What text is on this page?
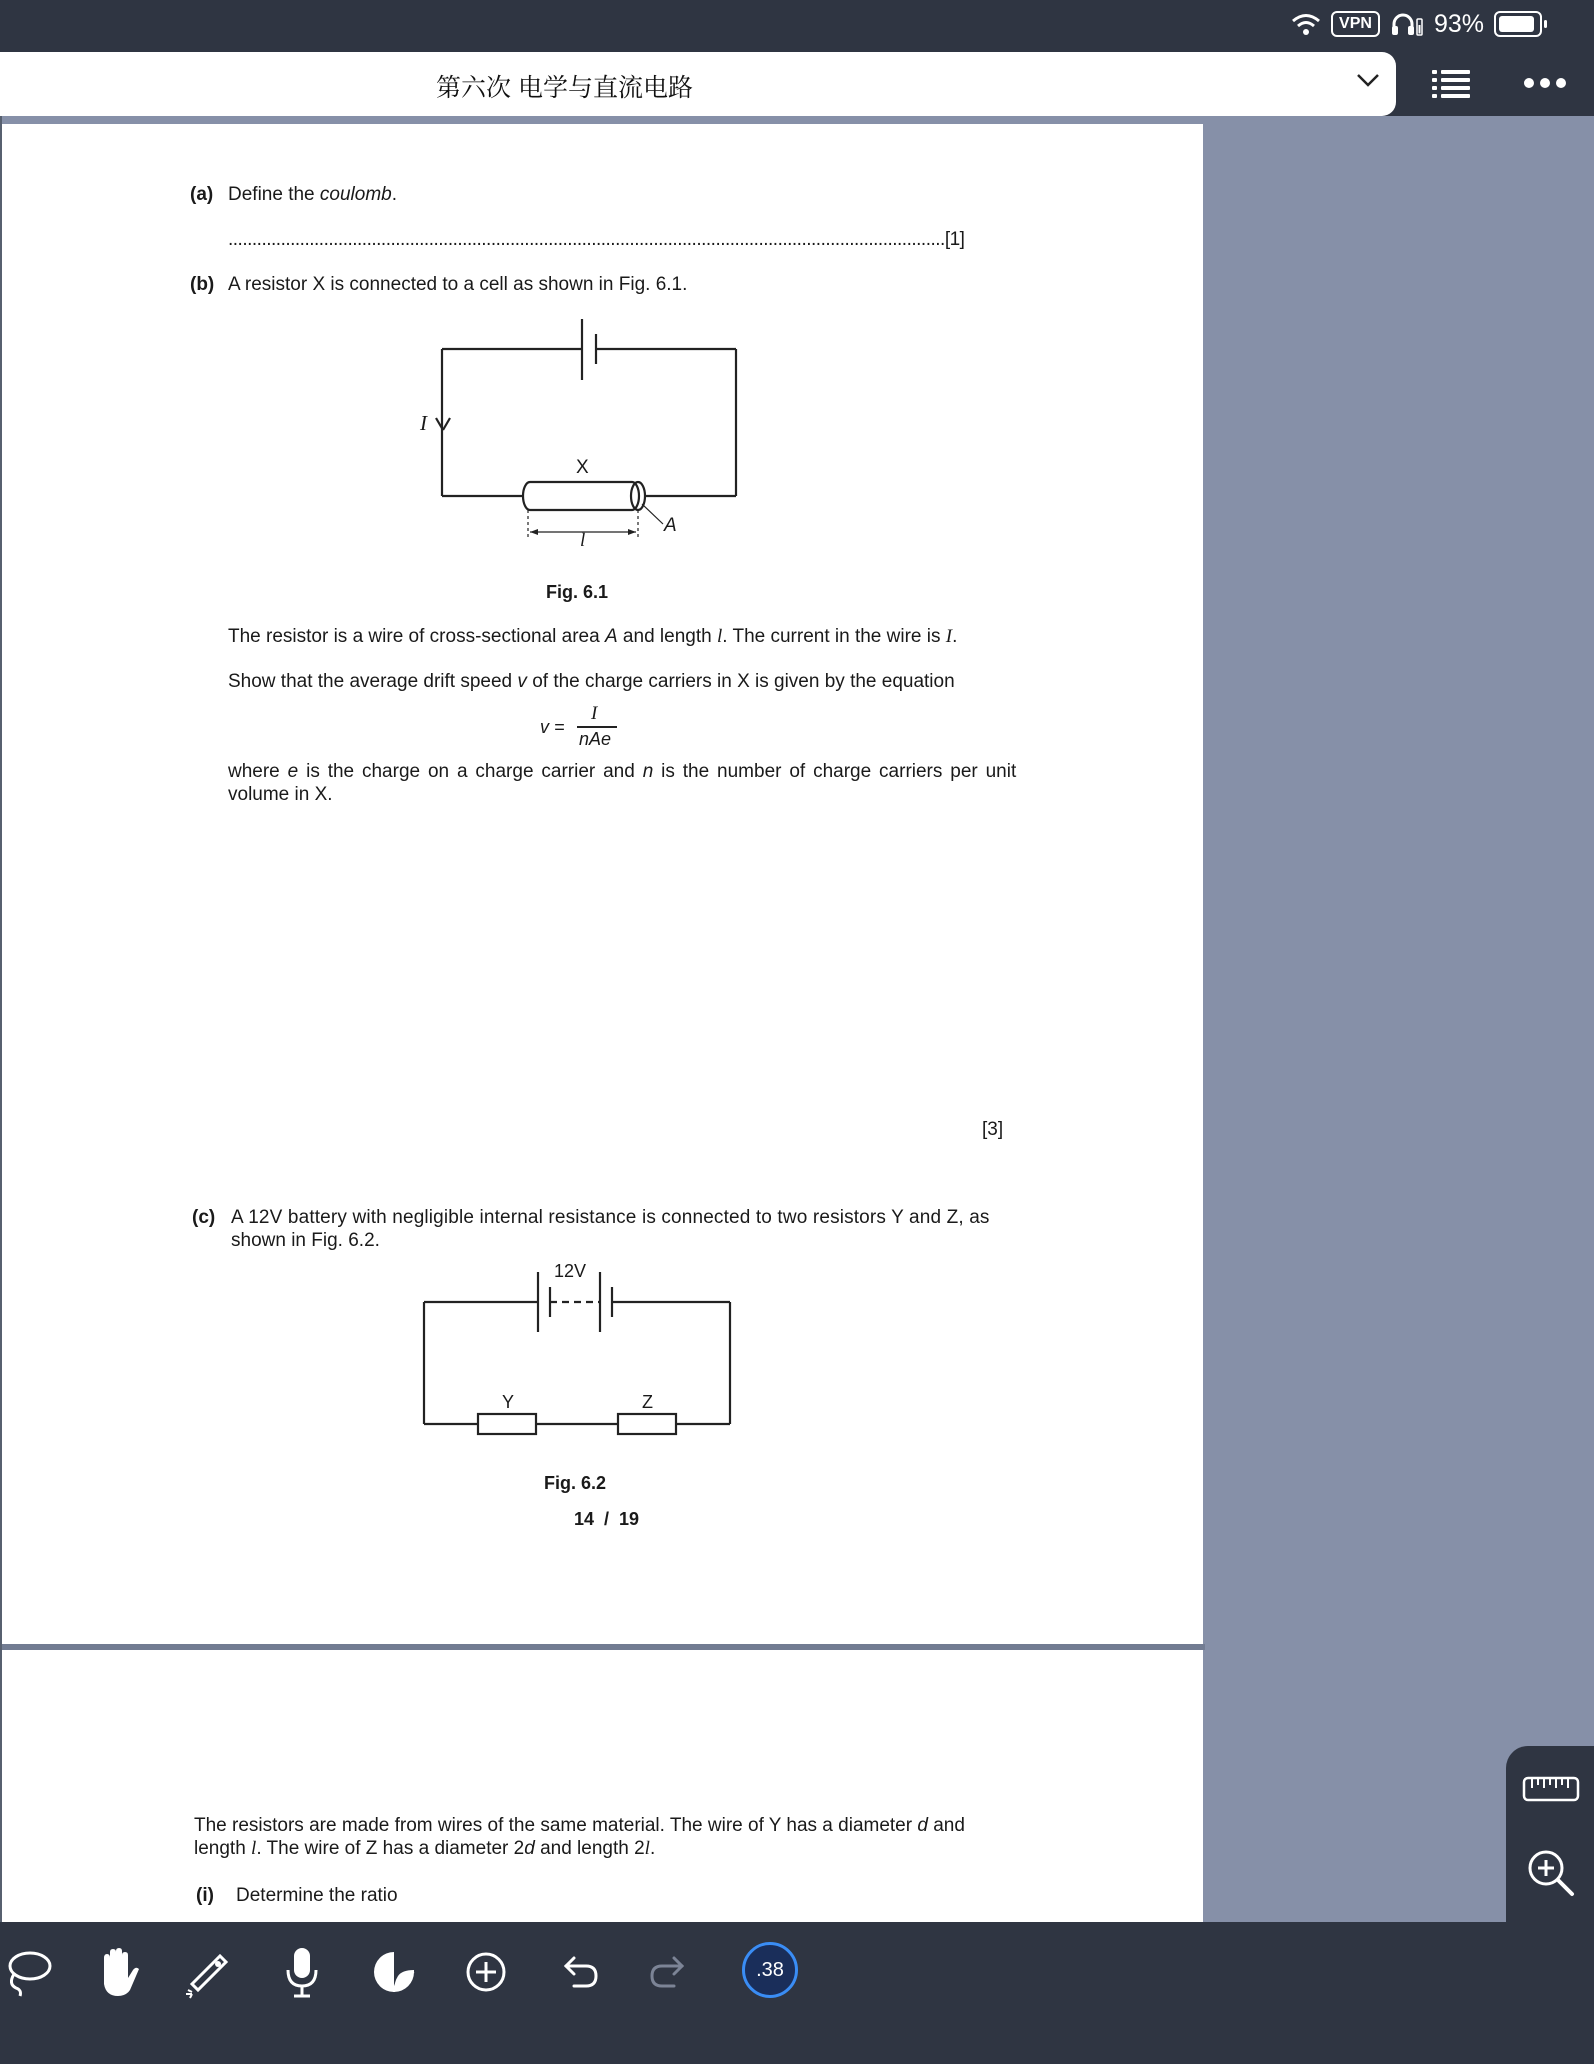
VPN	93%
第六次 电学与直流电路
(a) Define the coulomb.
......................................................................................................................................................[1]
(b) A resistor X is connected to a cell as shown in Fig. 6.1.
I
X
A
l
Fig. 6.1
The resistor is a wire of cross-sectional area A and length l. The current in the wire is I.
Show that the average drift speed v of the charge carriers in X is given by the equation
v =
I
nAe
where e is the charge on a charge carrier and n is the number of charge carriers per unit
volume in X.
[3]
(c) A 12V battery with negligible internal resistance is connected to two resistors Y and Z, as
shown in Fig. 6.2.
12V
Y	Z
Fig. 6.2
14  /  19
The resistors are made from wires of the same material. The wire of Y has a diameter d and
length l. The wire of Z has a diameter 2d and length 2l.
(i) Determine the ratio
.38
